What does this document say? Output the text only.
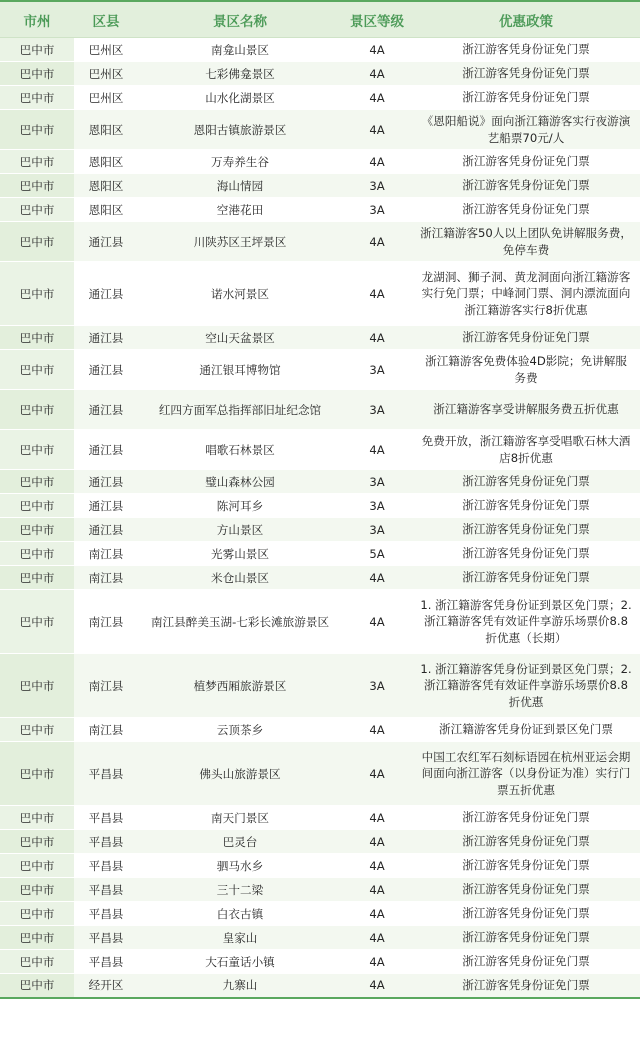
市州	区县	景区名称	景区等级	优惠政策
巴中市	巴州区	南龛山景区	4A	浙江游客凭身份证免门票
巴中市	巴州区	七彩佛龛景区	4A	浙江游客凭身份证免门票
巴中市	巴州区	山水化湖景区	4A	浙江游客凭身份证免门票
巴中市	恩阳区	恩阳古镇旅游景区	4A	《恩阳船说》面向浙江籍游客实行夜游演艺船票70元/人
巴中市	恩阳区	万寿养生谷	4A	浙江游客凭身份证免门票
巴中市	恩阳区	海山情园	3A	浙江游客凭身份证免门票
巴中市	恩阳区	空港花田	3A	浙江游客凭身份证免门票
巴中市	通江县	川陕苏区王坪景区	4A	浙江籍游客50人以上团队免讲解服务费，免停车费
巴中市	通江县	诺水河景区	4A	龙湖洞、狮子洞、黄龙洞面向浙江籍游客实行免门票；中峰洞门票、洞内漂流面向浙江籍游客实行8折优惠
巴中市	通江县	空山天盆景区	4A	浙江游客凭身份证免门票
巴中市	通江县	通江银耳博物馆	3A	浙江籍游客免费体验4D影院；免讲解服务费
巴中市	通江县	红四方面军总指挥部旧址纪念馆	3A	浙江籍游客享受讲解服务费五折优惠
巴中市	通江县	唱歌石林景区	4A	免费开放，浙江籍游客享受唱歌石林大酒店8折优惠
巴中市	通江县	璧山森林公园	3A	浙江游客凭身份证免门票
巴中市	通江县	陈河耳乡	3A	浙江游客凭身份证免门票
巴中市	通江县	方山景区	3A	浙江游客凭身份证免门票
巴中市	南江县	光雾山景区	5A	浙江游客凭身份证免门票
巴中市	南江县	米仓山景区	4A	浙江游客凭身份证免门票
巴中市	南江县	南江县醉美玉湖-七彩长滩旅游景区	4A	1. 浙江籍游客凭身份证到景区免门票；2. 浙江籍游客凭有效证件享游乐场票价8.8折优惠（长期）
巴中市	南江县	植梦西厢旅游景区	3A	1. 浙江籍游客凭身份证到景区免门票；2. 浙江籍游客凭有效证件享游乐场票价8.8折优惠
巴中市	南江县	云顶茶乡	4A	浙江籍游客凭身份证到景区免门票
巴中市	平昌县	佛头山旅游景区	4A	中国工农红军石刻标语园在杭州亚运会期间面向浙江游客（以身份证为准）实行门票五折优惠
巴中市	平昌县	南天门景区	4A	浙江游客凭身份证免门票
巴中市	平昌县	巴灵台	4A	浙江游客凭身份证免门票
巴中市	平昌县	驷马水乡	4A	浙江游客凭身份证免门票
巴中市	平昌县	三十二梁	4A	浙江游客凭身份证免门票
巴中市	平昌县	白衣古镇	4A	浙江游客凭身份证免门票
巴中市	平昌县	皇家山	4A	浙江游客凭身份证免门票
巴中市	平昌县	大石童话小镇	4A	浙江游客凭身份证免门票
巴中市	经开区	九寨山	4A	浙江游客凭身份证免门票
